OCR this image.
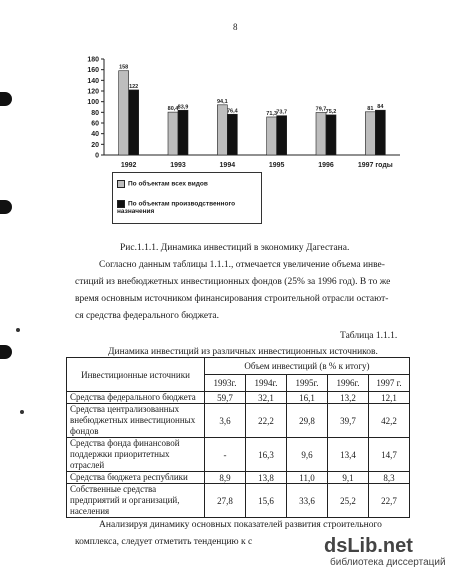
8
0
20
40
60
80
100
120
140
160
180
158
122
80,4 83,9
94,1
76,4	71,3 73,7
79,7 75,2
81 84
1992	1993	1994	1995	1996	1997 годы
По объектам всех видов
По объектам производственного назначения
Рис.1.1.1. Динамика инвестиций в экономику Дагестана.
Согласно данным таблицы 1.1.1., отмечается увеличение объема инве-
стиций из внебюджетных инвестиционных фондов (25% за 1996 год). В то же
время основным источником финансирования строительной отрасли остают-
ся средства федерального бюджета.
Таблица 1.1.1.
Динамика инвестиций из различных инвестиционных источников.
Инвестиционные источники	Объем инвестиций (в % к итогу)				
	1993г.	1994г.	1995г.	1996г.	1997 г.
Средства федерального бюджета	59,7	32,1	16,1	13,2	12,1
Средства централизованных внебюджетных инвестиционных фондов	3,6	22,2	29,8	39,7	42,2
Средства фонда финансовой поддержки приоритетных отраслей	-	16,3	9,6	13,4	14,7
Средства бюджета республики	8,9	13,8	11,0	9,1	8,3
Собственные средства предприятий и организаций, населения	27,8	15,6	33,6	25,2	22,7
Анализируя динамику основных показателей развития строительного
комплекса, следует отметить тенденцию к с	dsLib.net
библиотека диссертаций
